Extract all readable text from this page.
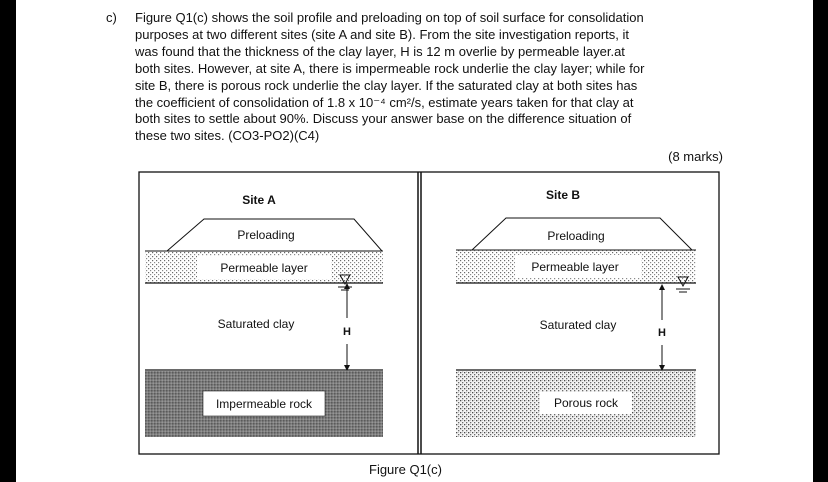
c) Figure Q1(c) shows the soil profile and preloading on top of soil surface for consolidation
purposes at two different sites (site A and site B). From the site investigation reports, it
was found that the thickness of the clay layer, H is 12 m overlie by permeable layer.at
both sites. However, at site A, there is impermeable rock underlie the clay layer; while for
site B, there is porous rock underlie the clay layer. If the saturated clay at both sites has
the coefficient of consolidation of 1.8 x 10⁻⁴ cm²/s, estimate years taken for that clay at
both sites to settle about 90%. Discuss your answer base on the difference situation of
these two sites. (CO3-PO2)(C4)
(8 marks)
Site A
Permeable layer
Preloading
Saturated clay
H
Impermeable rock
Site B
Permeable layer
Preloading
Saturated clay
H
Porous rock
Figure Q1(c)
